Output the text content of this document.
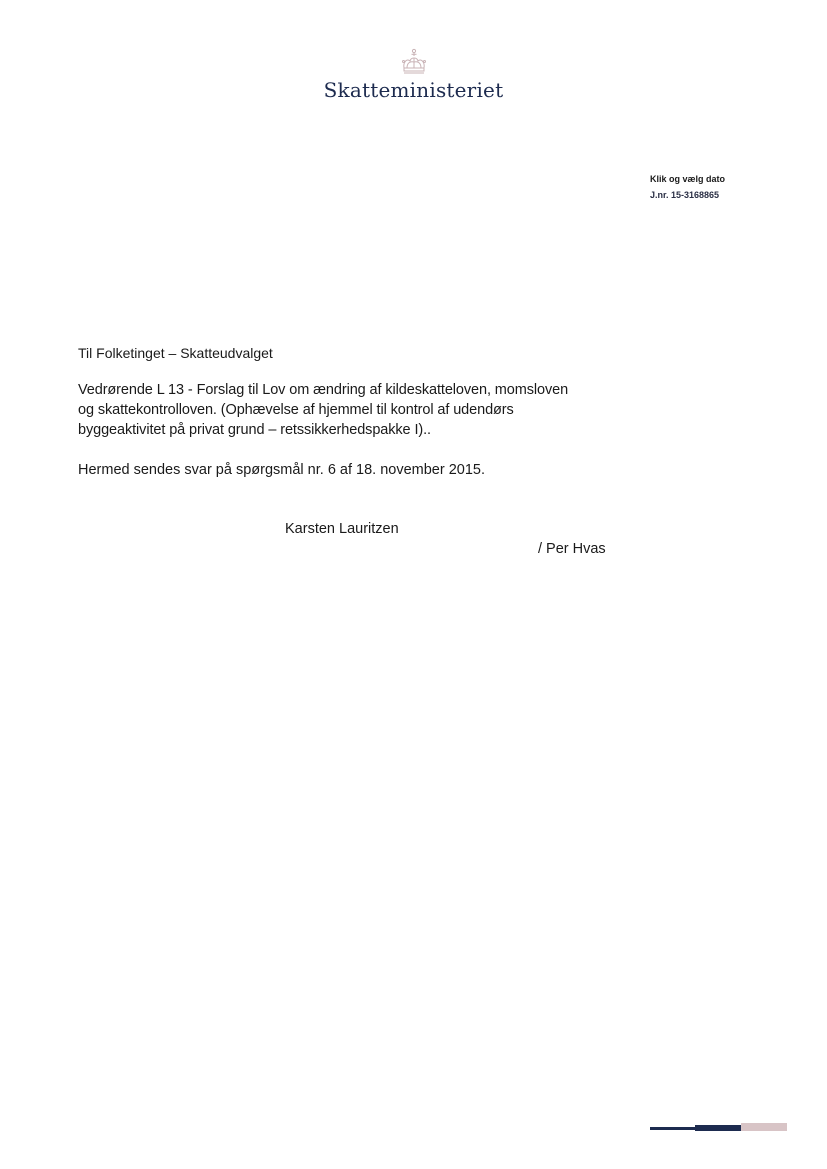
Skatteministeriet
Klik og vælg dato
J.nr. 15-3168865
Til Folketinget – Skatteudvalget

Vedrørende L 13 - Forslag til Lov om ændring af kildeskatteloven, momsloven

og skattekontrolloven. (Ophævelse af hjemmel til kontrol af udendørs

byggeaktivitet på privat grund – retssikkerhedspakke I)..

Hermed sendes svar på spørgsmål nr. 6 af 18. november 2015.
Karsten Lauritzen
/ Per Hvas
